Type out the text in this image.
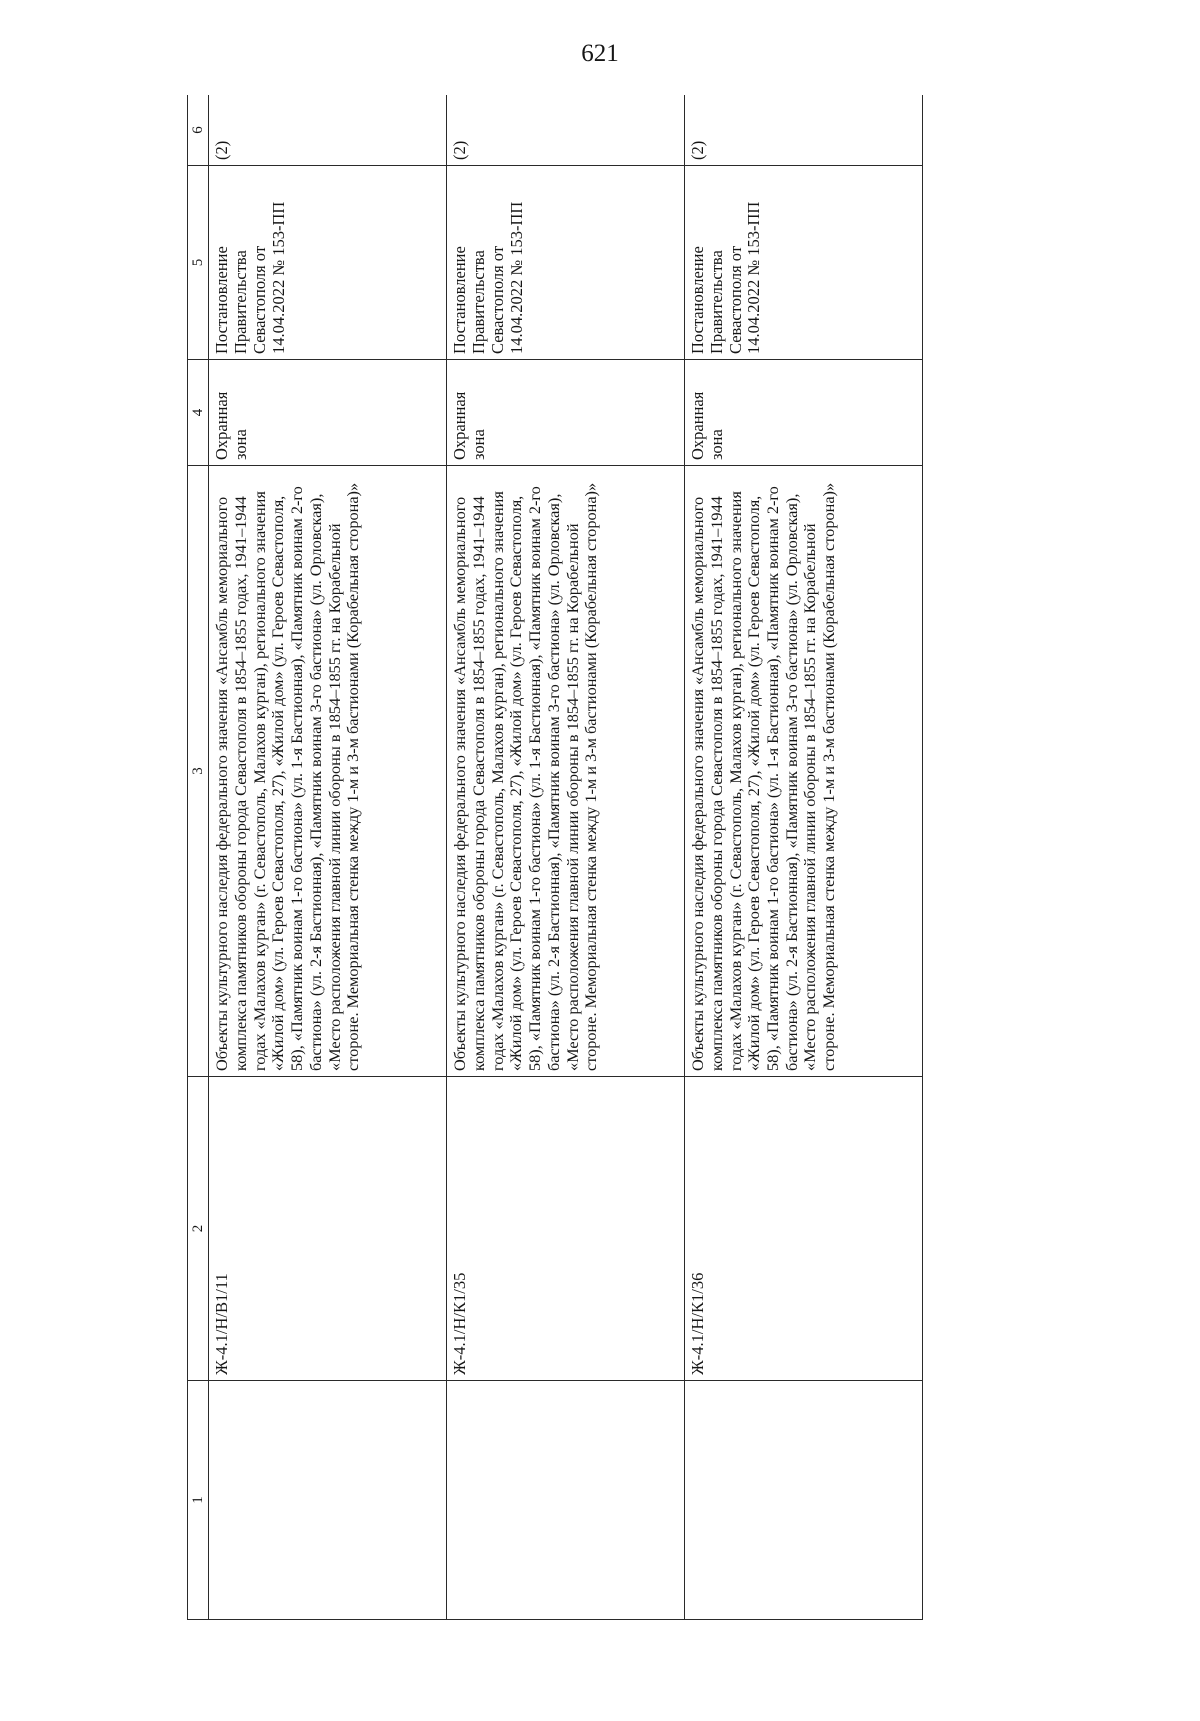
621
1	2	3	4	5	6
	Ж-4.1/Н/В1/11	Объекты культурного наследия федерального значения «Ансамбль мемориального комплекса памятников обороны города Севастополя в 1854–1855 годах, 1941–1944 годах «Малахов курган» (г. Севастополь, Малахов курган), регионального значения «Жилой дом» (ул. Героев Севастополя, 27), «Жилой дом» (ул. Героев Севастополя, 58), «Памятник воинам 1-го бастиона» (ул. 1-я Бастионная), «Памятник воинам 2-го бастиона» (ул. 2-я Бастионная), «Памятник воинам 3-го бастиона» (ул. Орловская), «Место расположения главной линии обороны в 1854–1855 гг. на Корабельной стороне. Мемориальная стенка между 1-м и 3-м бастионами (Корабельная сторона)»	Охранная зона	Постановление Правительства Севастополя от 14.04.2022 № 153-ПП	(2)
	Ж-4.1/Н/К1/35	Объекты культурного наследия федерального значения «Ансамбль мемориального комплекса памятников обороны города Севастополя в 1854–1855 годах, 1941–1944 годах «Малахов курган» (г. Севастополь, Малахов курган), регионального значения «Жилой дом» (ул. Героев Севастополя, 27), «Жилой дом» (ул. Героев Севастополя, 58), «Памятник воинам 1-го бастиона» (ул. 1-я Бастионная), «Памятник воинам 2-го бастиона» (ул. 2-я Бастионная), «Памятник воинам 3-го бастиона» (ул. Орловская), «Место расположения главной линии обороны в 1854–1855 гг. на Корабельной стороне. Мемориальная стенка между 1-м и 3-м бастионами (Корабельная сторона)»	Охранная зона	Постановление Правительства Севастополя от 14.04.2022 № 153-ПП	(2)
	Ж-4.1/Н/К1/36	Объекты культурного наследия федерального значения «Ансамбль мемориального комплекса памятников обороны города Севастополя в 1854–1855 годах, 1941–1944 годах «Малахов курган» (г. Севастополь, Малахов курган), регионального значения «Жилой дом» (ул. Героев Севастополя, 27), «Жилой дом» (ул. Героев Севастополя, 58), «Памятник воинам 1-го бастиона» (ул. 1-я Бастионная), «Памятник воинам 2-го бастиона» (ул. 2-я Бастионная), «Памятник воинам 3-го бастиона» (ул. Орловская), «Место расположения главной линии обороны в 1854–1855 гг. на Корабельной стороне. Мемориальная стенка между 1-м и 3-м бастионами (Корабельная сторона)»	Охранная зона	Постановление Правительства Севастополя от 14.04.2022 № 153-ПП	(2)
